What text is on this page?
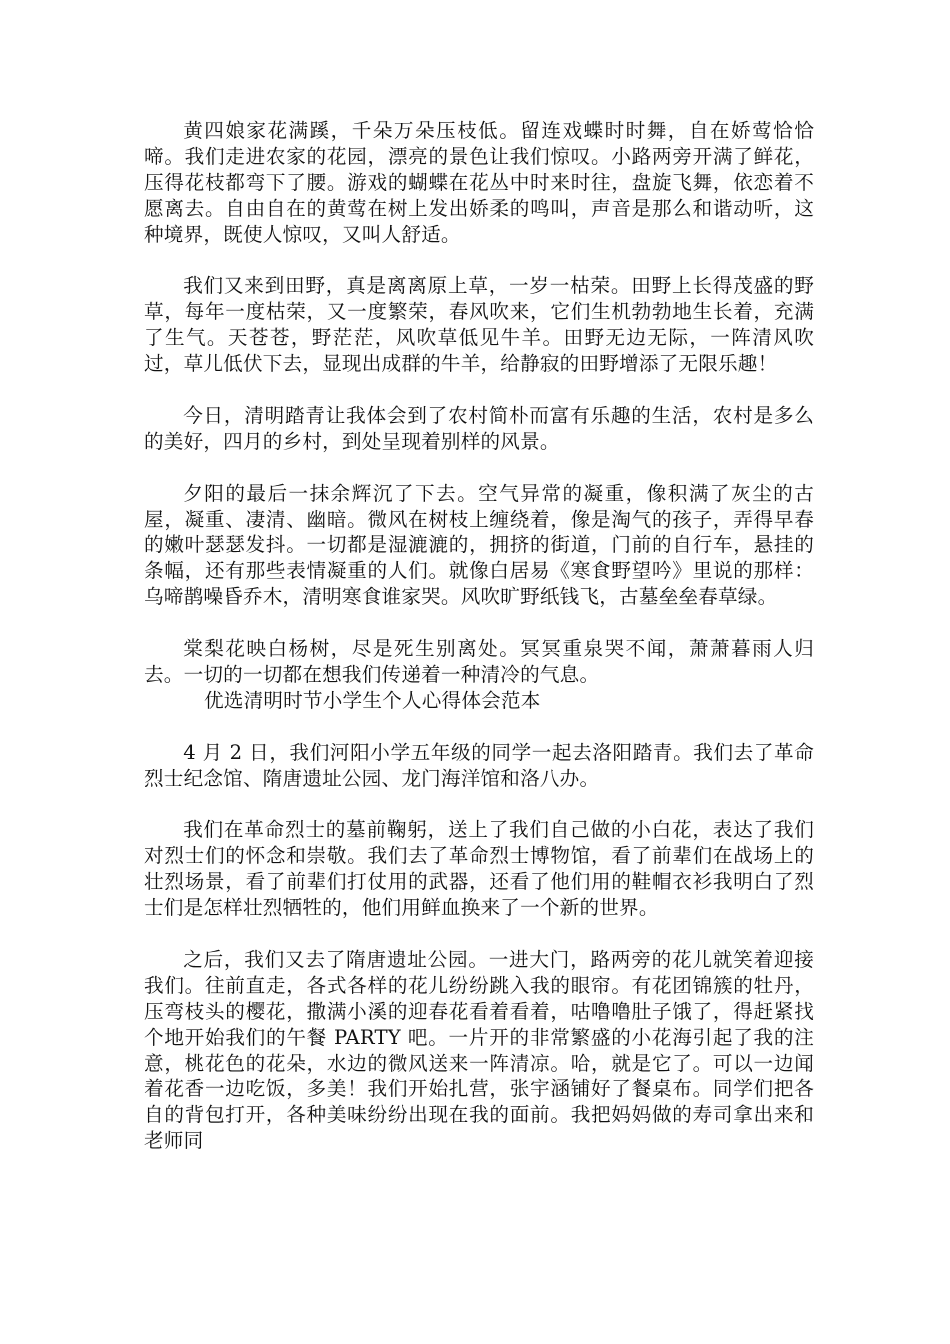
黄四娘家花满蹊，千朵万朵压枝低。留连戏蝶时时舞，自在娇莺恰恰啼。我们走进农家的花园，漂亮的景色让我们惊叹。小路两旁开满了鲜花，压得花枝都弯下了腰。游戏的蝴蝶在花丛中时来时往，盘旋飞舞，依恋着不愿离去。自由自在的黄莺在树上发出娇柔的鸣叫，声音是那么和谐动听，这种境界，既使人惊叹，又叫人舒适。

我们又来到田野，真是离离原上草，一岁一枯荣。田野上长得茂盛的野草，每年一度枯荣，又一度繁荣，春风吹来，它们生机勃勃地生长着，充满了生气。天苍苍，野茫茫，风吹草低见牛羊。田野无边无际，一阵清风吹过，草儿低伏下去，显现出成群的牛羊，给静寂的田野增添了无限乐趣！

今日，清明踏青让我体会到了农村简朴而富有乐趣的生活，农村是多么的美好，四月的乡村，到处呈现着别样的风景。

夕阳的最后一抹余辉沉了下去。空气异常的凝重，像积满了灰尘的古屋，凝重、凄清、幽暗。微风在树枝上缠绕着，像是淘气的孩子，弄得早春的嫩叶瑟瑟发抖。一切都是湿漉漉的，拥挤的街道，门前的自行车，悬挂的条幅，还有那些表情凝重的人们。就像白居易《寒食野望吟》里说的那样：乌啼鹊噪昏乔木，清明寒食谁家哭。风吹旷野纸钱飞，古墓垒垒春草绿。

棠梨花映白杨树，尽是死生别离处。冥冥重泉哭不闻，萧萧暮雨人归去。一切的一切都在想我们传递着一种清冷的气息。

优选清明时节小学生个人心得体会范本

4 月 2 日，我们河阳小学五年级的同学一起去洛阳踏青。我们去了革命烈士纪念馆、隋唐遗址公园、龙门海洋馆和洛八办。

我们在革命烈士的墓前鞠躬，送上了我们自己做的小白花，表达了我们对烈士们的怀念和崇敬。我们去了革命烈士博物馆，看了前辈们在战场上的壮烈场景，看了前辈们打仗用的武器，还看了他们用的鞋帽衣衫我明白了烈士们是怎样壮烈牺牲的，他们用鲜血换来了一个新的世界。

之后，我们又去了隋唐遗址公园。一进大门，路两旁的花儿就笑着迎接我们。往前直走，各式各样的花儿纷纷跳入我的眼帘。有花团锦簇的牡丹，压弯枝头的樱花，撒满小溪的迎春花看着看着，咕噜噜肚子饿了，得赶紧找个地开始我们的午餐 PARTY 吧。一片开的非常繁盛的小花海引起了我的注意，桃花色的花朵，水边的微风送来一阵清凉。哈，就是它了。可以一边闻着花香一边吃饭，多美！我们开始扎营，张宇涵铺好了餐桌布。同学们把各自的背包打开，各种美味纷纷出现在我的面前。我把妈妈做的寿司拿出来和老师同
